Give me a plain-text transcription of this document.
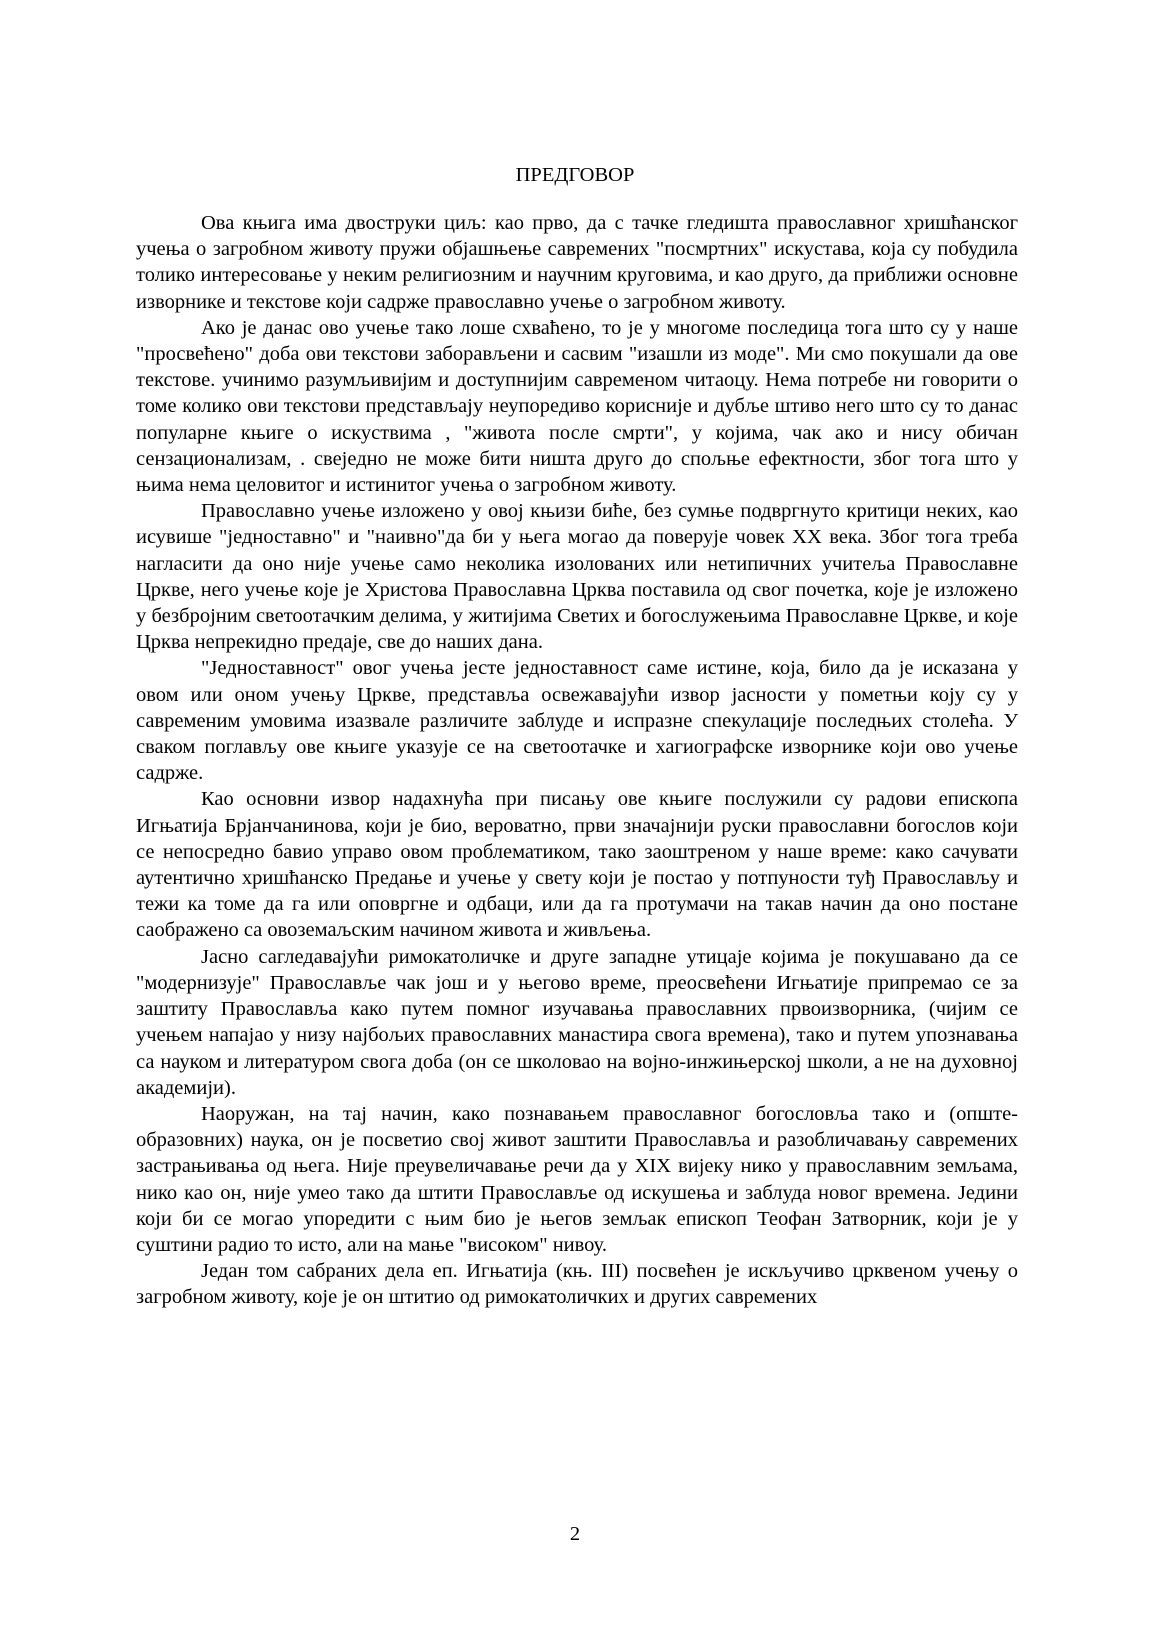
ПРЕДГОВОР

Ова књига има двоструки циљ: као прво, да с тачке гледишта православног хришћанског учења о загробном животу пружи објашњење савремених "посмртних" искустава, која су побудила толико интересовање у неким религиозним и научним круговима, и као друго, да приближи основне изворнике и текстове који садрже православно учење о загробном животу.

Ако је данас ово учење тако лоше схваћено, то је у многоме последица тога што су у наше "просвећено" доба ови текстови заборављени и сасвим "изашли из моде". Ми смо покушали да ове текстове. учинимо разумљивијим и доступнијим савременом читаоцу. Нема потребе ни говорити о томе колико ови текстови представљају неупоредиво корисније и дубље штиво него што су то данас популарне књиге о искуствима , "живота после смрти", у којима, чак ако и нису обичан сензационализам, . свеједно не може бити ништа друго до спољње ефектности, због тога што у њима нема целовитог и истинитог учења о загробном животу.

Православно учење изложено у овој књизи биће, без сумње подвргнуто критици неких, као исувише "једноставно" и "наивно"да би у њега могао да поверује човек XX века. Због тога треба нагласити да оно није учење само неколика изолованих или нетипичних учитеља Православне Цркве, него учење које је Христова Православна Црква поставила од свог почетка, које је изложено у безбројним светоотачким делима, у житијима Светих и богослужењима Православне Цркве, и које Црква непрекидно предаје, све до наших дана.

"Једноставност" овог учења јесте једноставност саме истине, која, било да је исказана у овом или оном учењу Цркве, представља освежавајући извор јасности у пометњи коју су у савременим умовима изазвале различите заблуде и испразне спекулације последњих столећа. У сваком поглављу ове књиге указује се на светоотачке и хагиографске изворнике који ово учење садрже.

Као основни извор надахнућа при писању ове књиге послужили су радови епископа Игњатија Брјанчанинова, који је био, вероватно, први значајнији руски православни богослов који се непосредно бавио управо овом проблематиком, тако заоштреном у наше време: како сачувати аутентично хришћанско Предање и учење у свету који је постао у потпуности туђ Православљу и тежи ка томе да га или оповргне и одбаци, или да га протумачи на такав начин да оно постане саображено са овоземаљским начином живота и живљења.

Јасно сагледавајући римокатоличке и друге западне утицаје којима је покушавано да се "модернизује" Православље чак још и у његово време, преосвећени Игњатије припремао се за заштиту Православља како путем помног изучавања православних првоизворника, (чијим се учењем напајао у низу најбољих православних манастира свога времена), тако и путем упознавања са науком и литературом свога доба (он се школовао на војно-инжињерској школи, а не на духовној академији).

Наоружан, на тај начин, како познавањем православног богословља тако и (опште-образовних) наука, он је посветио свој живот заштити Православља и разобличавању савремених застрањивања од њега. Није преувеличавање речи да у XIX вијеку нико у православним земљама, нико као он, није умео тако да штити Православље од искушења и заблуда новог времена. Једини који би се могао упоредити с њим био је његов земљак епископ Теофан Затворник, који је у суштини радио то исто, али на мање "високом" нивоу.

Један том сабраних дела еп. Игњатија (књ. III) посвећен је искључиво црквеном учењу о загробном животу, које је он штитио од римокатоличких и других савремених

2
